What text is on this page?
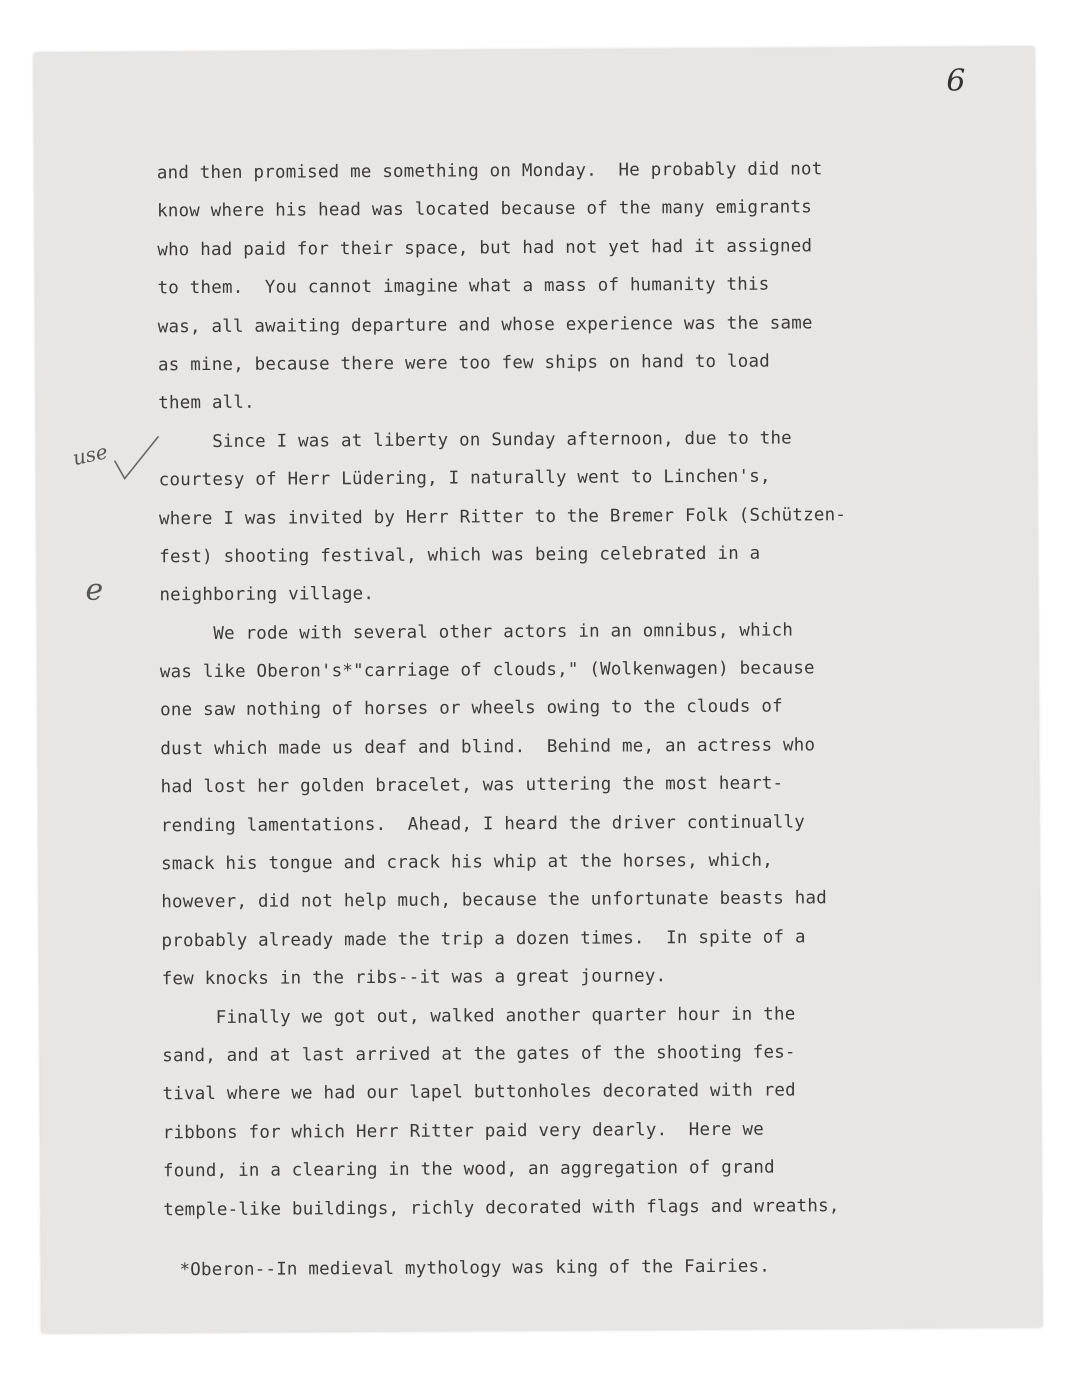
6
use
e
and then promised me something on Monday.  He probably did not
know where his head was located because of the many emigrants
who had paid for their space, but had not yet had it assigned
to them.  You cannot imagine what a mass of humanity this
was, all awaiting departure and whose experience was the same
as mine, because there were too few ships on hand to load
them all.
Since I was at liberty on Sunday afternoon, due to the
courtesy of Herr Lüdering, I naturally went to Linchen's,
where I was invited by Herr Ritter to the Bremer Folk (Schützen-
fest) shooting festival, which was being celebrated in a
neighboring village.
We rode with several other actors in an omnibus, which
was like Oberon's*"carriage of clouds," (Wolkenwagen) because
one saw nothing of horses or wheels owing to the clouds of
dust which made us deaf and blind.  Behind me, an actress who
had lost her golden bracelet, was uttering the most heart-
rending lamentations.  Ahead, I heard the driver continually
smack his tongue and crack his whip at the horses, which,
however, did not help much, because the unfortunate beasts had
probably already made the trip a dozen times.  In spite of a
few knocks in the ribs--it was a great journey.
Finally we got out, walked another quarter hour in the
sand, and at last arrived at the gates of the shooting fes-
tival where we had our lapel buttonholes decorated with red
ribbons for which Herr Ritter paid very dearly.  Here we
found, in a clearing in the wood, an aggregation of grand
temple-like buildings, richly decorated with flags and wreaths,
*Oberon--In medieval mythology was king of the Fairies.
